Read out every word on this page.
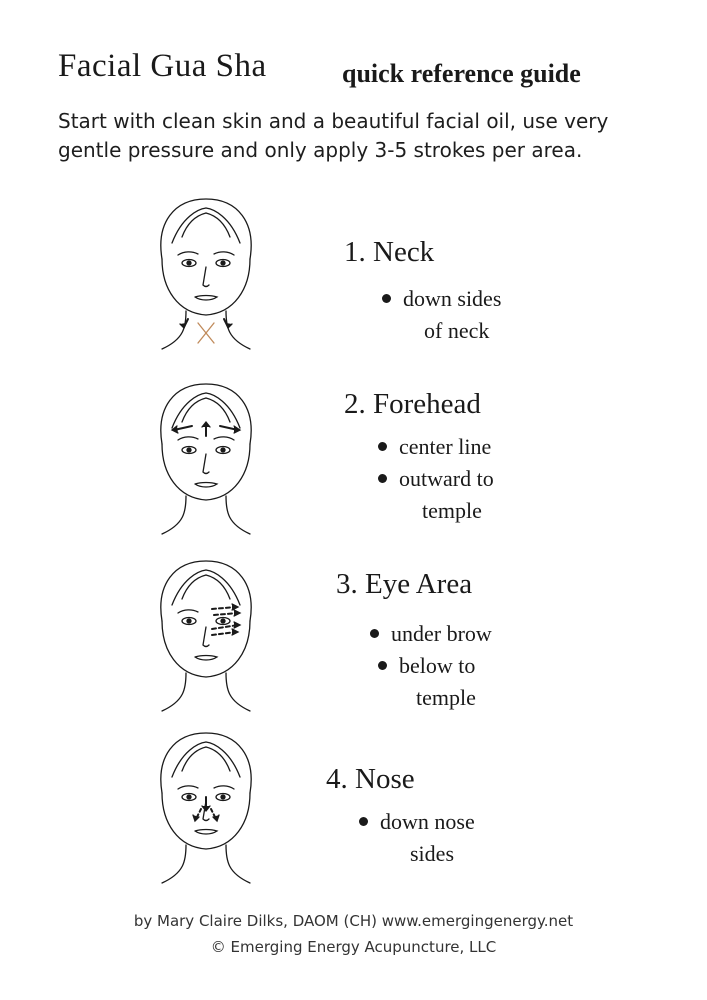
Facial Gua Sha	quick reference guide
Start with clean skin and a beautiful facial oil, use very gentle pressure and only apply 3-5 strokes per area.
1. Neck
down sides
of neck
2. Forehead
center line
outward to
temple
3. Eye Area
under brow
below to
temple
4. Nose
down nose
sides
by Mary Claire Dilks, DAOM (CH) www.emergingenergy.net
© Emerging Energy Acupuncture, LLC
